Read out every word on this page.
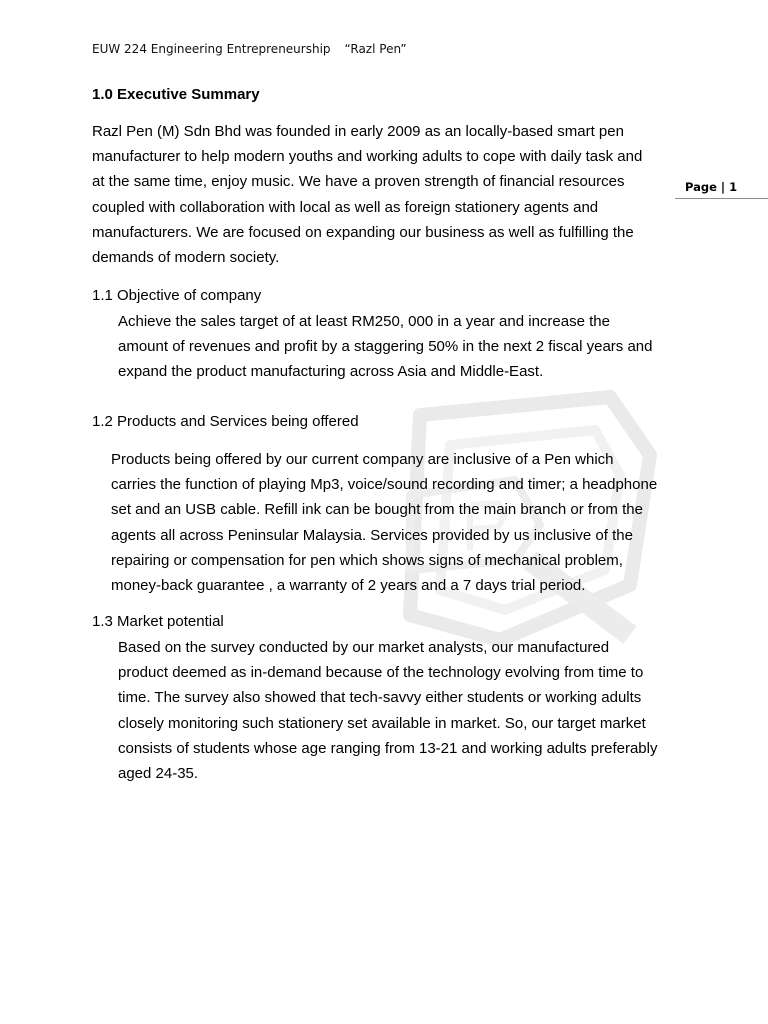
EUW 224 Engineering Entrepreneurship “Razl Pen”
Page | 1
1.0 Executive Summary
Razl Pen (M) Sdn Bhd was founded in early 2009 as an locally-based smart pen
manufacturer to help modern youths and working adults to cope with daily task and
at the same time, enjoy music. We have a proven strength of financial resources
coupled with collaboration with local as well as foreign stationery agents and
manufacturers. We are focused on expanding our business as well as fulfilling the
demands of modern society.
1.1 Objective of company
Achieve the sales target of at least RM250, 000 in a year and increase the
amount of revenues and profit by a staggering 50% in the next 2 fiscal years and
expand the product manufacturing across Asia and Middle-East.
1.2 Products and Services being offered
Products being offered by our current company are inclusive of a Pen which
carries the function of playing Mp3, voice/sound recording and timer; a headphone
set and an USB cable. Refill ink can be bought from the main branch or from the
agents all across Peninsular Malaysia. Services provided by us inclusive of the
repairing or compensation for pen which shows signs of mechanical problem,
money-back guarantee , a warranty of 2 years and a 7 days trial period.
1.3 Market potential
Based on the survey conducted by our market analysts, our manufactured
product deemed as in-demand because of the technology evolving from time to
time. The survey also showed that tech-savvy either students or working adults
closely monitoring such stationery set available in market. So, our target market
consists of students whose age ranging from 13-21 and working adults preferably
aged 24-35.
